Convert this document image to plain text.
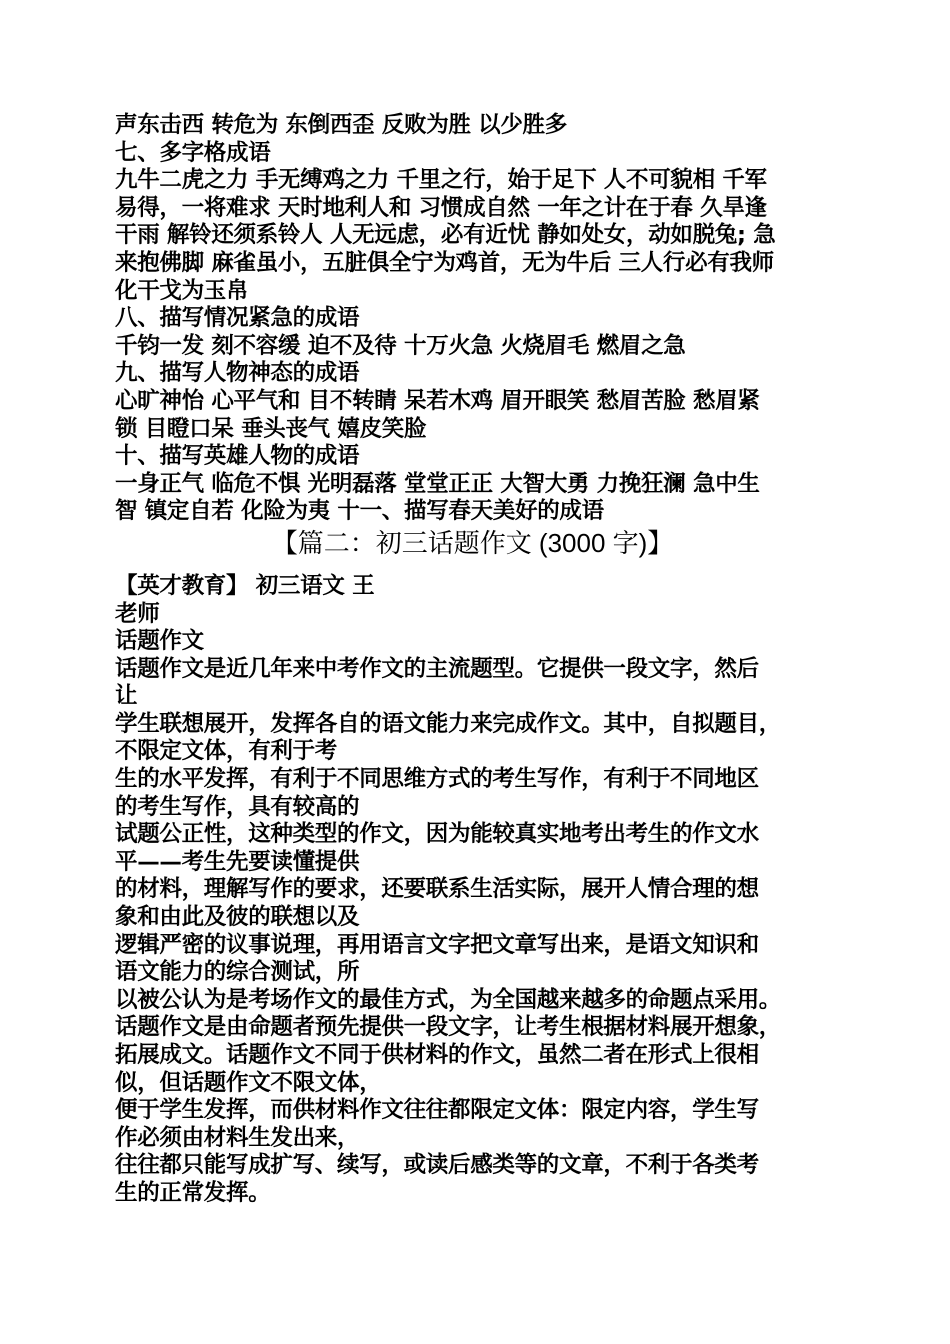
声东击西 转危为 东倒西歪 反败为胜 以少胜多
七、多字格成语
九牛二虎之力 手无缚鸡之力 千里之行，始于足下 人不可貌相 千军
易得，一将难求 天时地利人和 习惯成自然 一年之计在于春 久旱逢
干雨 解铃还须系铃人 人无远虑，必有近忧 静如处女，动如脱兔; 急
来抱佛脚 麻雀虽小，五脏俱全宁为鸡首，无为牛后 三人行必有我师
化干戈为玉帛
八、描写情况紧急的成语
千钧一发 刻不容缓 迫不及待 十万火急 火烧眉毛 燃眉之急
九、描写人物神态的成语
心旷神怡 心平气和 目不转睛 呆若木鸡 眉开眼笑 愁眉苦脸 愁眉紧
锁 目瞪口呆 垂头丧气 嬉皮笑脸
十、描写英雄人物的成语
一身正气 临危不惧 光明磊落 堂堂正正 大智大勇 力挽狂澜 急中生
智 镇定自若 化险为夷 十一、描写春天美好的成语
【篇二：初三话题作文 (3000 字)】
【英才教育】 初三语文 王
老师
话题作文
话题作文是近几年来中考作文的主流题型。它提供一段文字，然后
让
学生联想展开，发挥各自的语文能力来完成作文。其中，自拟题目，
不限定文体，有利于考
生的水平发挥，有利于不同思维方式的考生写作，有利于不同地区
的考生写作，具有较高的
试题公正性，这种类型的作文，因为能较真实地考出考生的作文水
平——考生先要读懂提供
的材料，理解写作的要求，还要联系生活实际，展开人情合理的想
象和由此及彼的联想以及
逻辑严密的议事说理，再用语言文字把文章写出来，是语文知识和
语文能力的综合测试，所
以被公认为是考场作文的最佳方式，为全国越来越多的命题点采用。
话题作文是由命题者预先提供一段文字，让考生根据材料展开想象，
拓展成文。话题作文不同于供材料的作文，虽然二者在形式上很相
似，但话题作文不限文体，
便于学生发挥，而供材料作文往往都限定文体：限定内容，学生写
作必须由材料生发出来，
往往都只能写成扩写、续写，或读后感类等的文章，不利于各类考
生的正常发挥。
